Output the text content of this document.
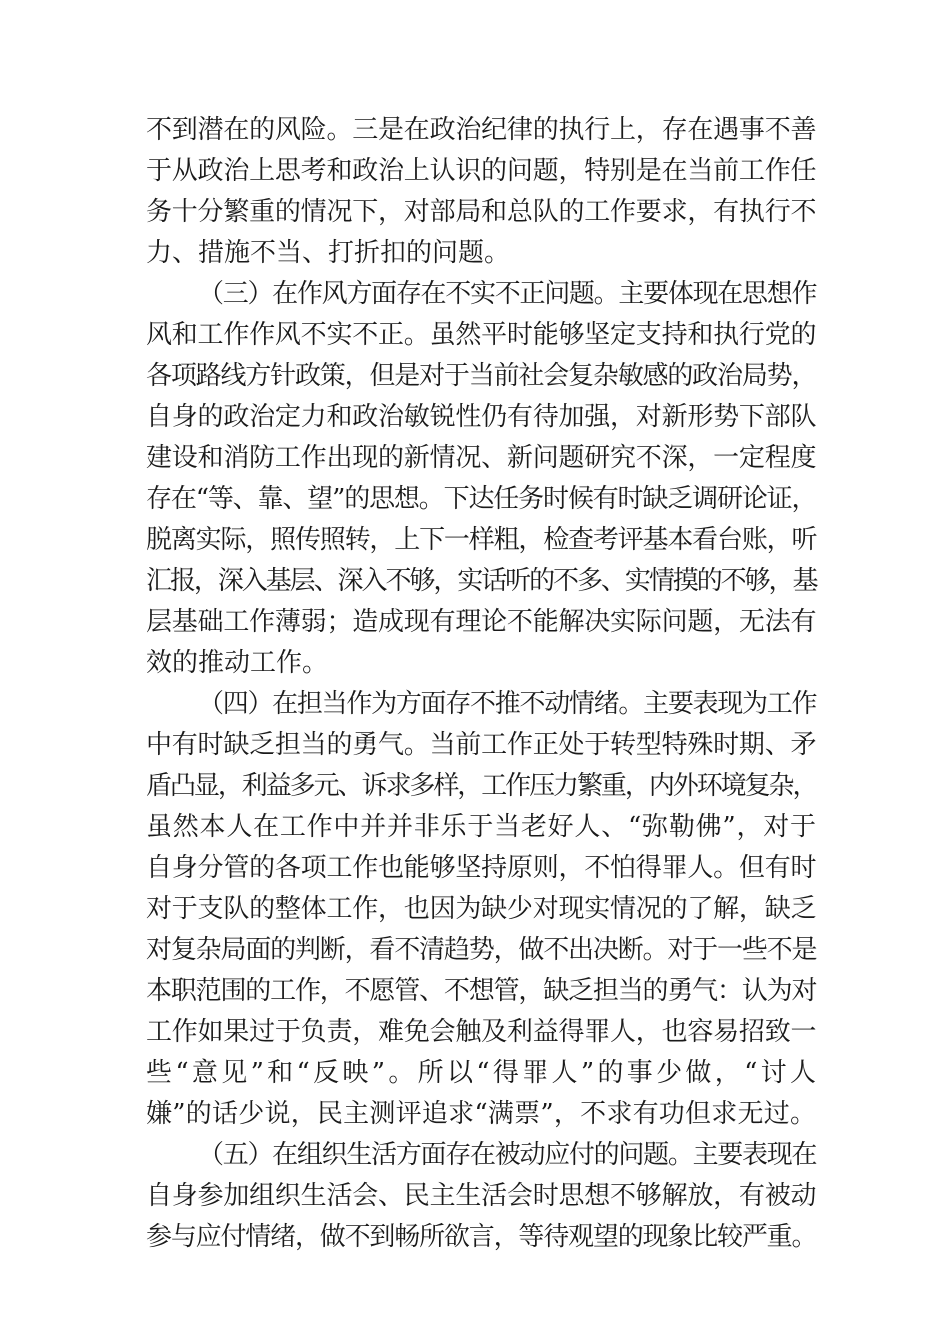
不到潜在的风险。三是在政治纪律的执行上，存在遇事不善
于从政治上思考和政治上认识的问题，特别是在当前工作任
务十分繁重的情况下，对部局和总队的工作要求，有执行不
力、措施不当、打折扣的问题。
（三）在作风方面存在不实不正问题。主要体现在思想作
风和工作作风不实不正。虽然平时能够坚定支持和执行党的
各项路线方针政策，但是对于当前社会复杂敏感的政治局势，
自身的政治定力和政治敏锐性仍有待加强，对新形势下部队
建设和消防工作出现的新情况、新问题研究不深，一定程度
存在“等、靠、望”的思想。下达任务时候有时缺乏调研论证，
脱离实际，照传照转，上下一样粗，检查考评基本看台账，听
汇报，深入基层、深入不够，实话听的不多、实情摸的不够，基
层基础工作薄弱；造成现有理论不能解决实际问题，无法有
效的推动工作。
（四）在担当作为方面存不推不动情绪。主要表现为工作
中有时缺乏担当的勇气。当前工作正处于转型特殊时期、矛
盾凸显，利益多元、诉求多样，工作压力繁重，内外环境复杂，
虽然本人在工作中并并非乐于当老好人、“弥勒佛”，对于
自身分管的各项工作也能够坚持原则，不怕得罪人。但有时
对于支队的整体工作，也因为缺少对现实情况的了解，缺乏
对复杂局面的判断，看不清趋势，做不出决断。对于一些不是
本职范围的工作，不愿管、不想管，缺乏担当的勇气：认为对
工作如果过于负责，难免会触及利益得罪人，也容易招致一
些“意见”和“反映”。所以“得罪人”的事少做，“讨人
嫌”的话少说，民主测评追求“满票”，不求有功但求无过。
（五）在组织生活方面存在被动应付的问题。主要表现在
自身参加组织生活会、民主生活会时思想不够解放，有被动
参与应付情绪，做不到畅所欲言，等待观望的现象比较严重。
